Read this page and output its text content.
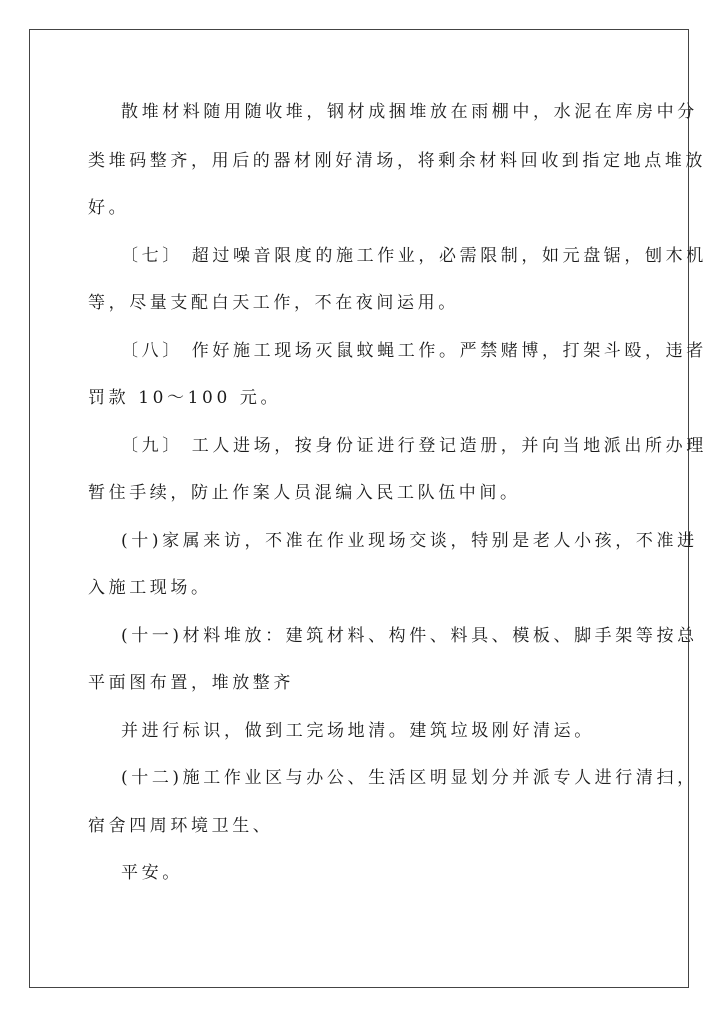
散堆材料随用随收堆，钢材成捆堆放在雨棚中，水泥在库房中分
类堆码整齐，用后的器材刚好清场，将剩余材料回收到指定地点堆放
好。
〔七〕 超过噪音限度的施工作业，必需限制，如元盘锯，刨木机
等，尽量支配白天工作，不在夜间运用。
〔八〕 作好施工现场灭鼠蚊蝇工作。严禁赌博，打架斗殴，违者
罚款 10～100 元。
〔九〕 工人进场，按身份证进行登记造册，并向当地派出所办理
暂住手续，防止作案人员混编入民工队伍中间。
(十)家属来访，不准在作业现场交谈，特别是老人小孩，不准进
入施工现场。
(十一)材料堆放：建筑材料、构件、料具、模板、脚手架等按总
平面图布置，堆放整齐
并进行标识，做到工完场地清。建筑垃圾刚好清运。
(十二)施工作业区与办公、生活区明显划分并派专人进行清扫，
宿舍四周环境卫生、
平安。
